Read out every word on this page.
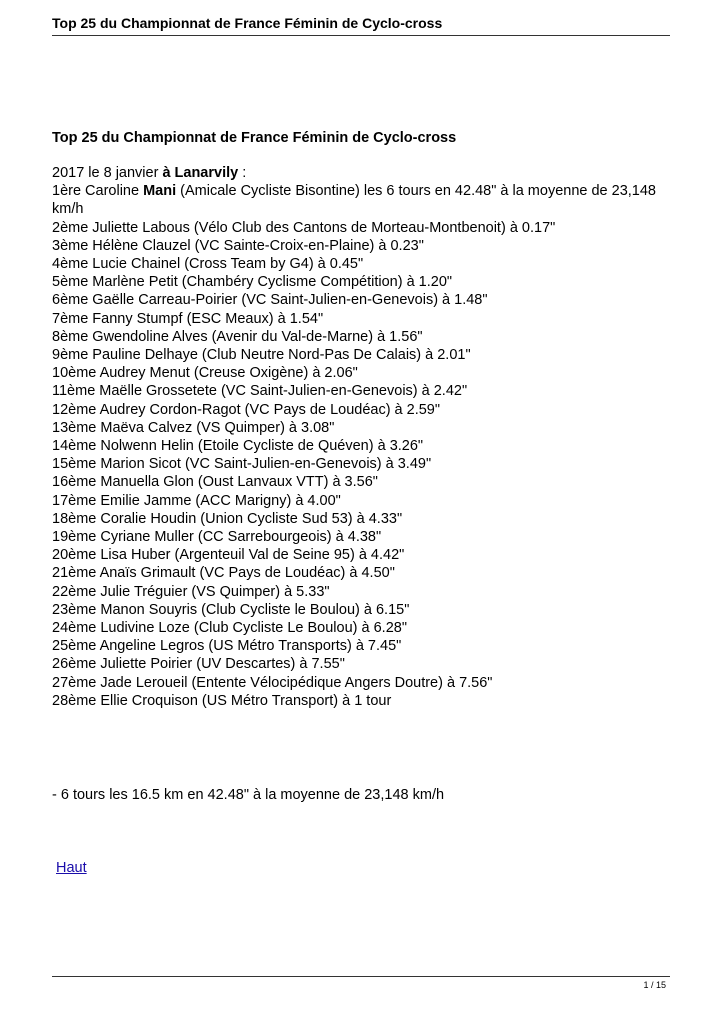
Top 25 du Championnat de France Féminin de Cyclo-cross
Top 25 du Championnat de France Féminin de Cyclo-cross
2017 le 8 janvier à Lanarvily :
1ère Caroline Mani (Amicale Cycliste Bisontine) les 6 tours en 42.48" à la moyenne de 23,148 km/h
2ème Juliette Labous (Vélo Club des Cantons de Morteau-Montbenoit) à 0.17"
3ème Hélène Clauzel (VC Sainte-Croix-en-Plaine) à 0.23"
4ème Lucie Chainel (Cross Team by G4) à 0.45"
5ème Marlène Petit (Chambéry Cyclisme Compétition) à 1.20"
6ème Gaëlle Carreau-Poirier (VC Saint-Julien-en-Genevois) à 1.48"
7ème Fanny Stumpf (ESC Meaux) à 1.54"
8ème Gwendoline Alves (Avenir du Val-de-Marne) à 1.56"
9ème Pauline Delhaye (Club Neutre Nord-Pas De Calais) à 2.01"
10ème Audrey Menut (Creuse Oxigène) à 2.06"
11ème Maëlle Grossetete (VC Saint-Julien-en-Genevois) à 2.42"
12ème Audrey Cordon-Ragot (VC Pays de Loudéac) à 2.59"
13ème Maëva Calvez (VS Quimper) à 3.08"
14ème Nolwenn Helin (Etoile Cycliste de Quéven) à 3.26"
15ème Marion Sicot (VC Saint-Julien-en-Genevois) à 3.49"
16ème Manuella Glon (Oust Lanvaux VTT) à 3.56"
17ème Emilie Jamme (ACC Marigny) à 4.00"
18ème Coralie Houdin (Union Cycliste Sud 53) à 4.33"
19ème Cyriane Muller (CC Sarrebourgeois) à 4.38"
20ème Lisa Huber (Argenteuil Val de Seine 95) à 4.42"
21ème Anaïs Grimault (VC Pays de Loudéac) à 4.50"
22ème Julie Tréguier (VS Quimper) à 5.33"
23ème Manon Souyris (Club Cycliste le Boulou) à 6.15"
24ème Ludivine Loze (Club Cycliste Le Boulou) à 6.28"
25ème Angeline Legros (US Métro Transports) à 7.45"
26ème Juliette Poirier (UV Descartes) à 7.55"
27ème Jade Leroueil (Entente Vélocipédique Angers Doutre) à 7.56"
28ème Ellie Croquison (US Métro Transport) à 1 tour
- 6 tours les 16.5 km en 42.48" à la moyenne de 23,148 km/h
Haut
1 / 15
